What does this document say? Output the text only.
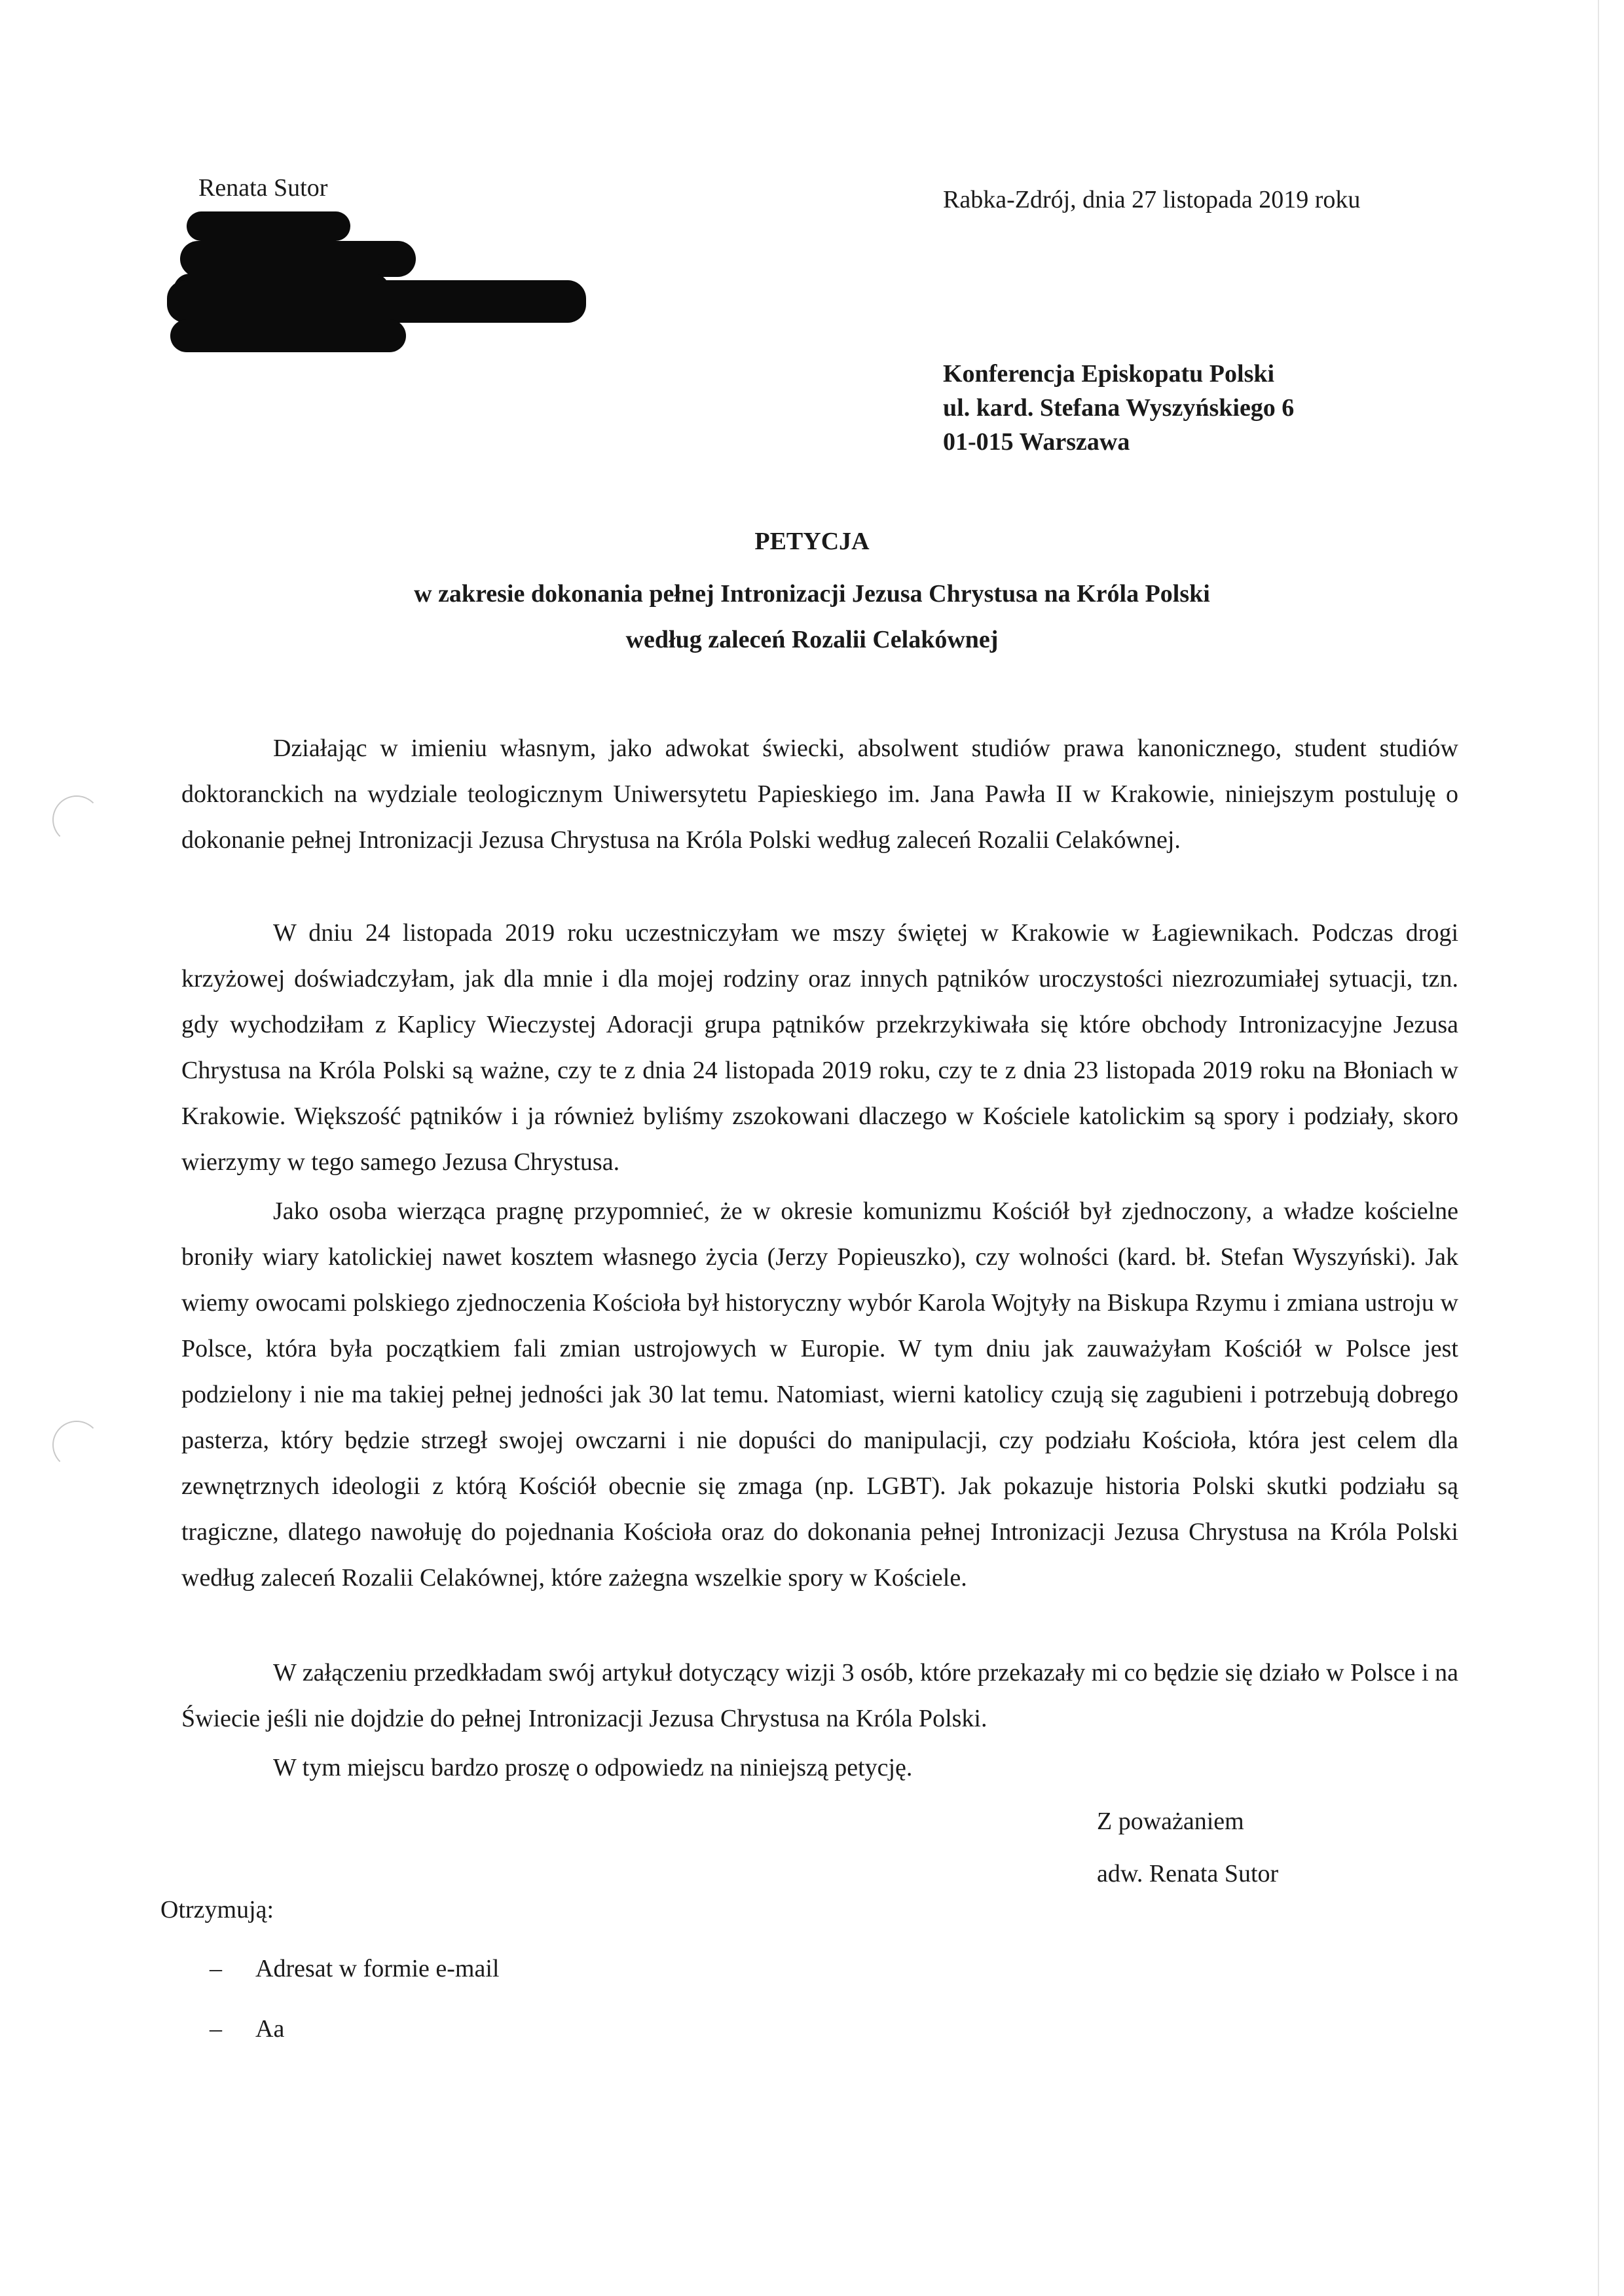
Renata Sutor	Rabka-Zdrój, dnia 27 listopada 2019 roku
Konferencja Episkopatu Polski
ul. kard. Stefana Wyszyńskiego 6
01-015 Warszawa
PETYCJA
w zakresie dokonania pełnej Intronizacji Jezusa Chrystusa na Króla Polski
według zaleceń Rozalii Celakównej

Działając w imieniu własnym, jako adwokat świecki, absolwent studiów prawa kanonicznego, student studiów doktoranckich na wydziale teologicznym Uniwersytetu Papieskiego im. Jana Pawła II w Krakowie, niniejszym postuluję o dokonanie pełnej Intronizacji Jezusa Chrystusa na Króla Polski według zaleceń Rozalii Celakównej.

W dniu 24 listopada 2019 roku uczestniczyłam we mszy świętej w Krakowie w Łagiewnikach. Podczas drogi krzyżowej doświadczyłam, jak dla mnie i dla mojej rodziny oraz innych pątników uroczystości niezrozumiałej sytuacji, tzn. gdy wychodziłam z Kaplicy Wieczystej Adoracji grupa pątników przekrzykiwała się które obchody Intronizacyjne Jezusa Chrystusa na Króla Polski są ważne, czy te z dnia 24 listopada 2019 roku, czy te z dnia 23 listopada 2019 roku na Błoniach w Krakowie. Większość pątników i ja również byliśmy zszokowani dlaczego w Kościele katolickim są spory i podziały, skoro wierzymy w tego samego Jezusa Chrystusa.

Jako osoba wierząca pragnę przypomnieć, że w okresie komunizmu Kościół był zjednoczony, a władze kościelne broniły wiary katolickiej nawet kosztem własnego życia (Jerzy Popieuszko), czy wolności (kard. bł. Stefan Wyszyński). Jak wiemy owocami polskiego zjednoczenia Kościoła był historyczny wybór Karola Wojtyły na Biskupa Rzymu i zmiana ustroju w Polsce, która była początkiem fali zmian ustrojowych w Europie. W tym dniu jak zauważyłam Kościół w Polsce jest podzielony i nie ma takiej pełnej jedności jak 30 lat temu. Natomiast, wierni katolicy czują się zagubieni i potrzebują dobrego pasterza, który będzie strzegł swojej owczarni i nie dopuści do manipulacji, czy podziału Kościoła, która jest celem dla zewnętrznych ideologii z którą Kościół obecnie się zmaga (np. LGBT). Jak pokazuje historia Polski skutki podziału są tragiczne, dlatego nawołuję do pojednania Kościoła oraz do dokonania pełnej Intronizacji Jezusa Chrystusa na Króla Polski według zaleceń Rozalii Celakównej, które zażegna wszelkie spory w Kościele.

W załączeniu przedkładam swój artykuł dotyczący wizji 3 osób, które przekazały mi co będzie się działo w Polsce i na Świecie jeśli nie dojdzie do pełnej Intronizacji Jezusa Chrystusa na Króla Polski.

W tym miejscu bardzo proszę o odpowiedz na niniejszą petycję.

Z poważaniem
adw. Renata Sutor
Otrzymują:
– Adresat w formie e-mail
– Aa
